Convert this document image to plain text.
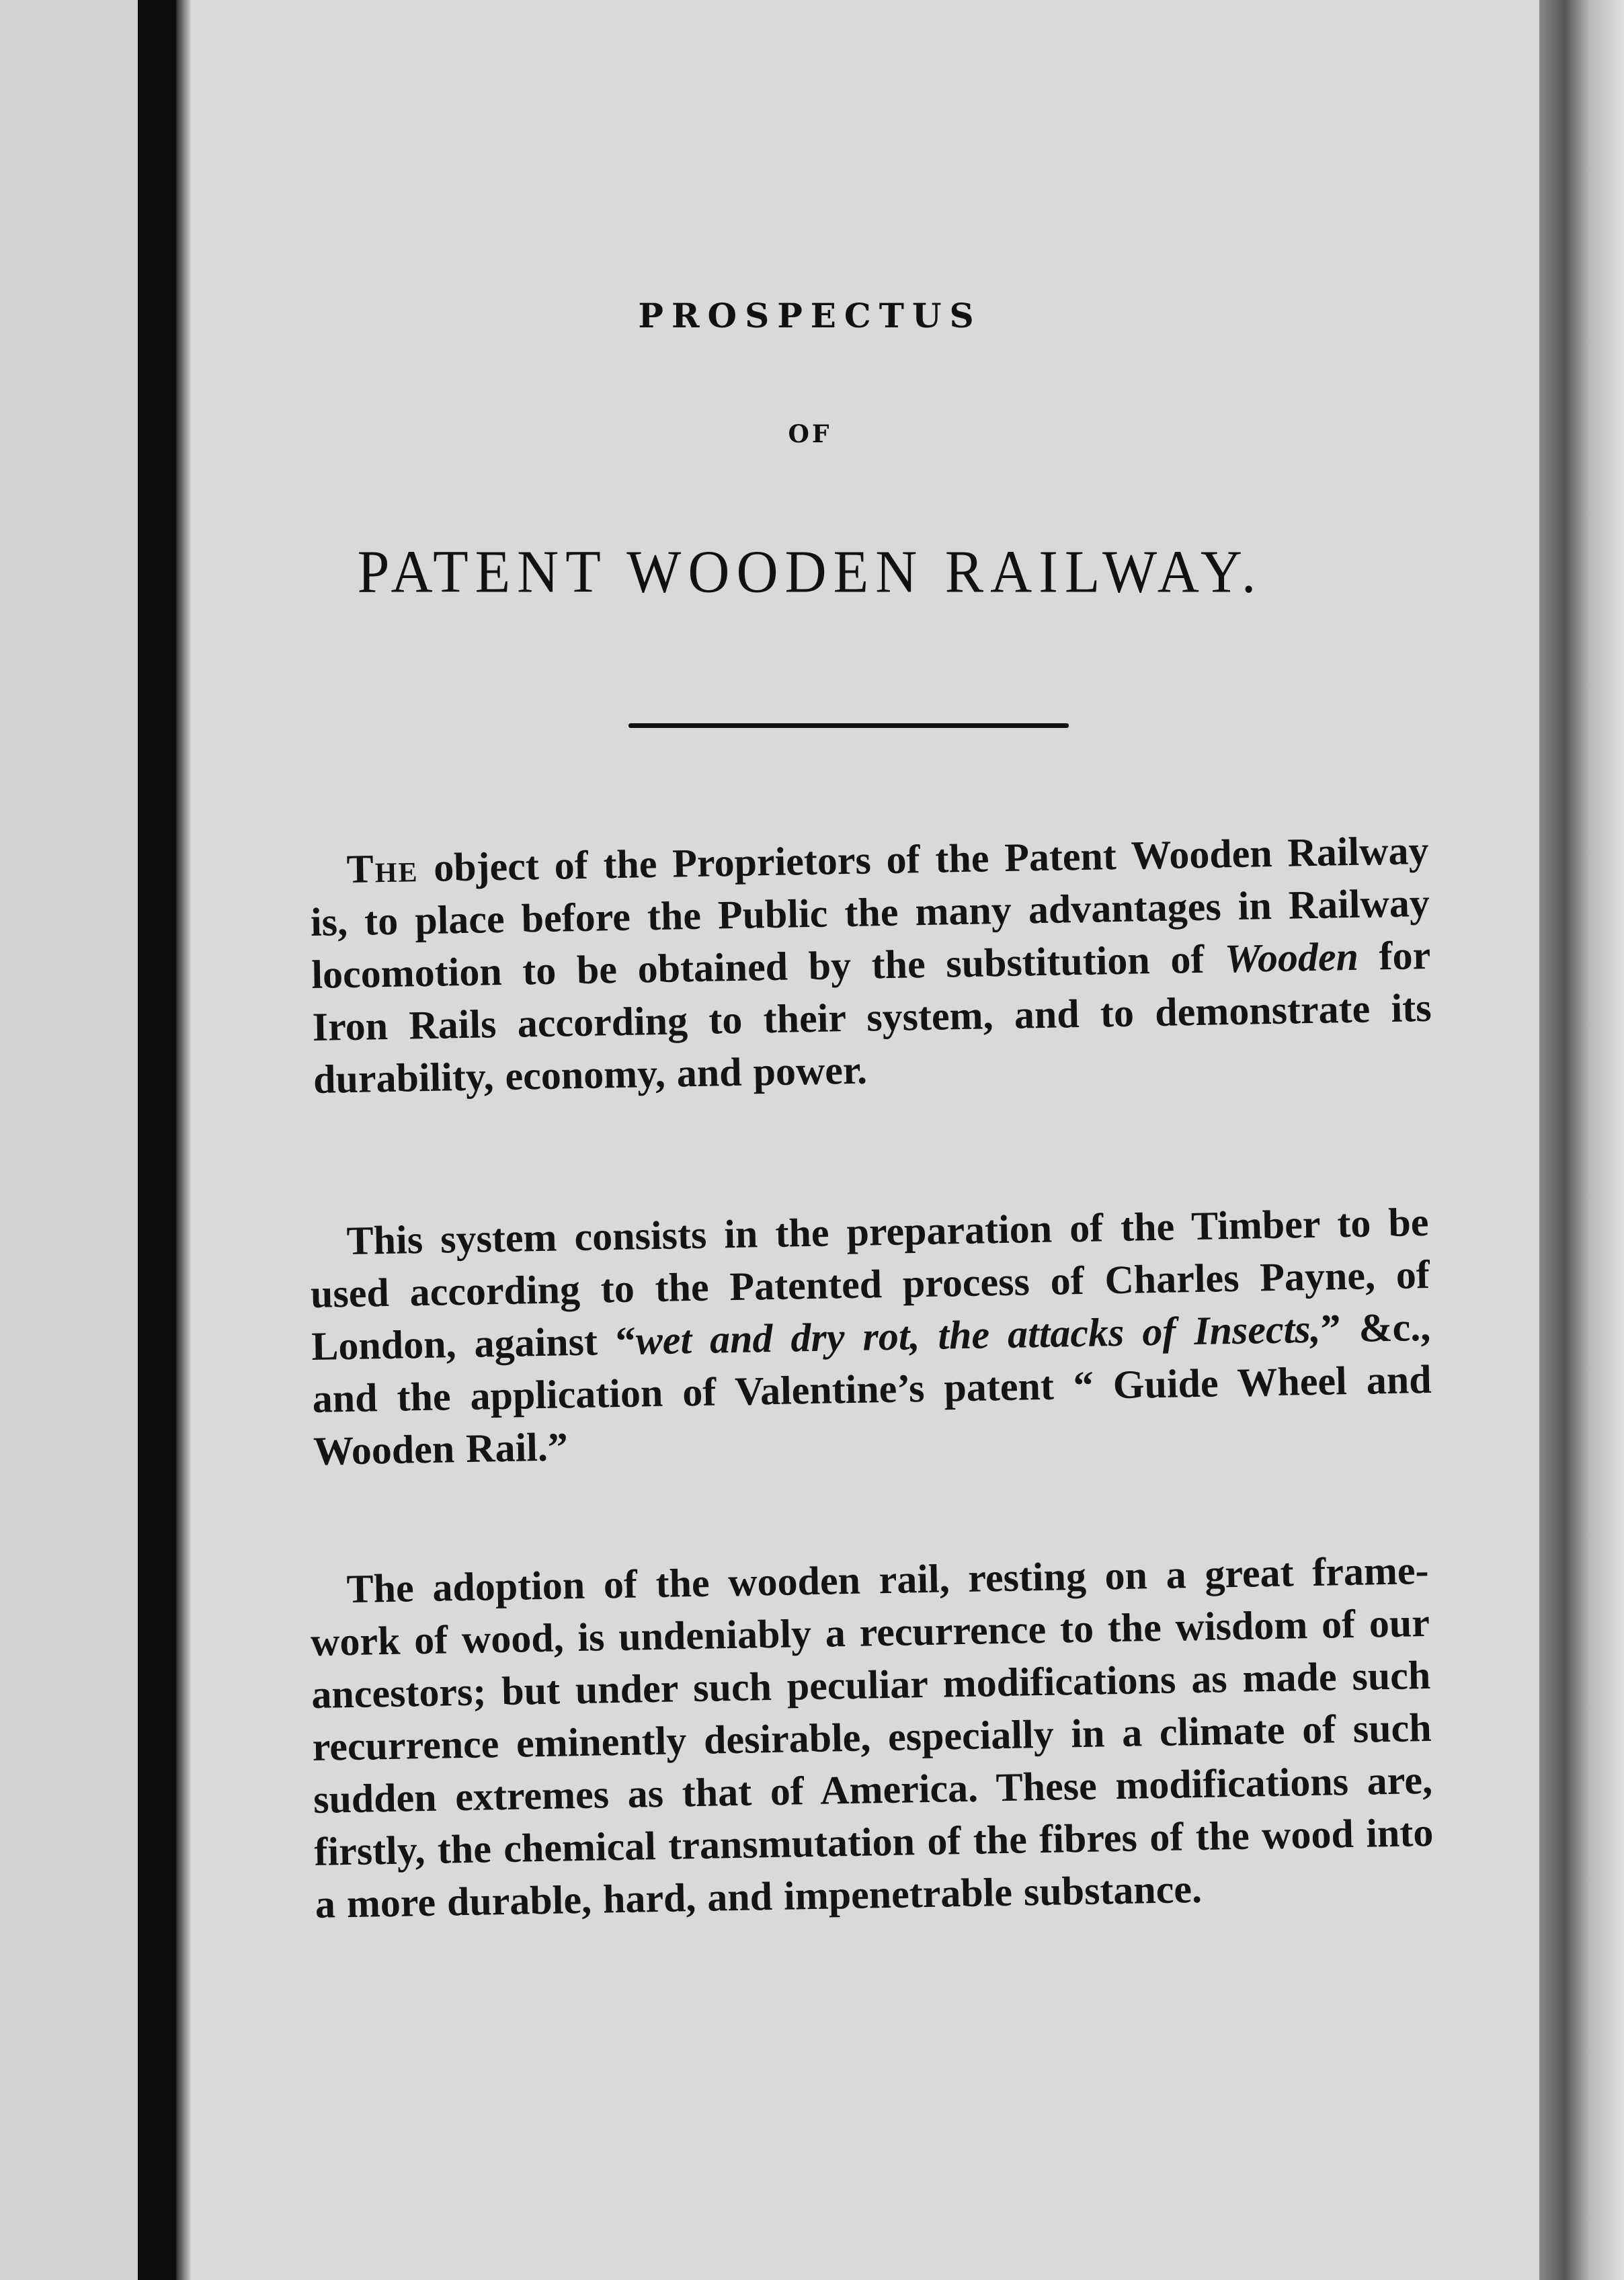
PROSPECTUS
OF
PATENT WOODEN RAILWAY.

The object of the Proprietors of the Patent Wooden Railway is, to place before the Public the many advantages in Railway locomotion to be obtained by the substitution of Wooden for Iron Rails according to their system, and to demonstrate its durability, economy, and power.

This system consists in the preparation of the Timber to be used according to the Patented process of Charles Payne, of London, against “wet and dry rot, the attacks of Insects,” &c., and the application of Valentine’s patent “ Guide Wheel and Wooden Rail.”

The adoption of the wooden rail, resting on a great frame-work of wood, is undeniably a recurrence to the wisdom of our ancestors; but under such peculiar modifications as made such recurrence eminently desirable, especially in a climate of such sudden extremes as that of America. These modifications are, firstly, the chemical transmutation of the fibres of the wood into a more durable, hard, and impenetrable substance.
